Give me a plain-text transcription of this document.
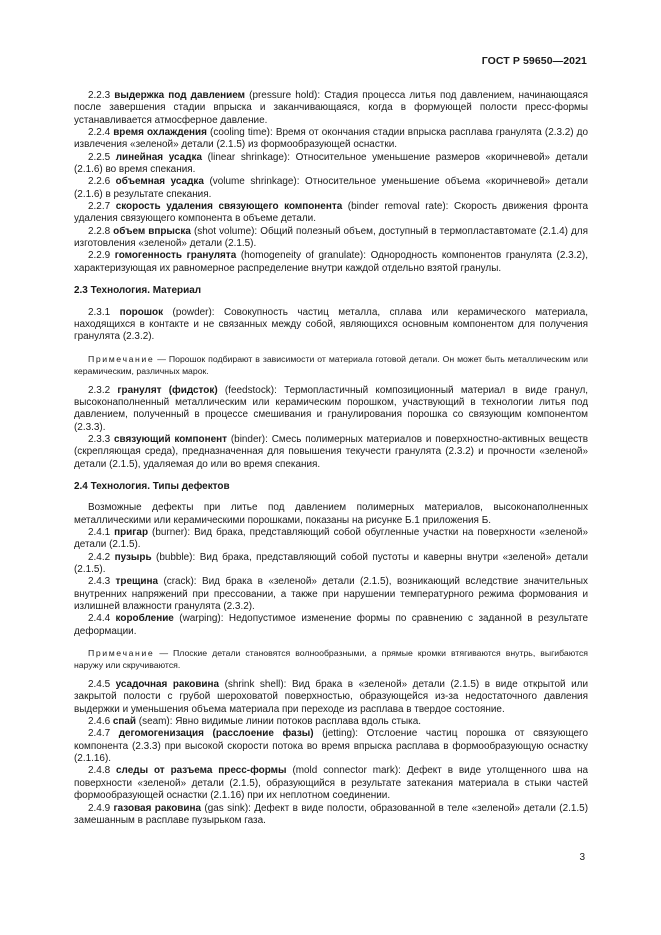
ГОСТ Р 59650—2021

2.2.3 выдержка под давлением (pressure hold): Стадия процесса литья под давлением, начинающаяся после завершения стадии впрыска и заканчивающаяся, когда в формующей полости пресс-формы устанавливается атмосферное давление.

2.2.4 время охлаждения (cooling time): Время от окончания стадии впрыска расплава гранулята (2.3.2) до извлечения «зеленой» детали (2.1.5) из формообразующей оснастки.

2.2.5 линейная усадка (linear shrinkage): Относительное уменьшение размеров «коричневой» детали (2.1.6) во время спекания.

2.2.6 объемная усадка (volume shrinkage): Относительное уменьшение объема «коричневой» детали (2.1.6) в результате спекания.

2.2.7 скорость удаления связующего компонента (binder removal rate): Скорость движения фронта удаления связующего компонента в объеме детали.

2.2.8 объем впрыска (shot volume): Общий полезный объем, доступный в термопластавтомате (2.1.4) для изготовления «зеленой» детали (2.1.5).

2.2.9 гомогенность гранулята (homogeneity of granulate): Однородность компонентов гранулята (2.3.2), характеризующая их равномерное распределение внутри каждой отдельно взятой гранулы.

2.3 Технология. Материал

2.3.1 порошок (powder): Совокупность частиц металла, сплава или керамического материала, находящихся в контакте и не связанных между собой, являющихся основным компонентом для получения гранулята (2.3.2).

Примечание — Порошок подбирают в зависимости от материала готовой детали. Он может быть металлическим или керамическим, различных марок.

2.3.2 гранулят (фидсток) (feedstock): Термопластичный композиционный материал в виде гранул, высоконаполненный металлическим или керамическим порошком, участвующий в технологии литья под давлением, полученный в процессе смешивания и гранулирования порошка со связующим компонентом (2.3.3).

2.3.3 связующий компонент (binder): Смесь полимерных материалов и поверхностно-активных веществ (скрепляющая среда), предназначенная для повышения текучести гранулята (2.3.2) и прочности «зеленой» детали (2.1.5), удаляемая до или во время спекания.

2.4 Технология. Типы дефектов

Возможные дефекты при литье под давлением полимерных материалов, высоконаполненных металлическими или керамическими порошками, показаны на рисунке Б.1 приложения Б.

2.4.1 пригар (burner): Вид брака, представляющий собой обугленные участки на поверхности «зеленой» детали (2.1.5).

2.4.2 пузырь (bubble): Вид брака, представляющий собой пустоты и каверны внутри «зеленой» детали (2.1.5).

2.4.3 трещина (crack): Вид брака в «зеленой» детали (2.1.5), возникающий вследствие значительных внутренних напряжений при прессовании, а также при нарушении температурного режима формования и излишней влажности гранулята (2.3.2).

2.4.4 коробление (warping): Недопустимое изменение формы по сравнению с заданной в результате деформации.

Примечание — Плоские детали становятся волнообразными, а прямые кромки втягиваются внутрь, выгибаются наружу или скручиваются.

2.4.5 усадочная раковина (shrink shell): Вид брака в «зеленой» детали (2.1.5) в виде открытой или закрытой полости с грубой шероховатой поверхностью, образующейся из-за недостаточного давления выдержки и уменьшения объема материала при переходе из расплава в твердое состояние.

2.4.6 спай (seam): Явно видимые линии потоков расплава вдоль стыка.

2.4.7 дегомогенизация (расслоение фазы) (jetting): Отслоение частиц порошка от связующего компонента (2.3.3) при высокой скорости потока во время впрыска расплава в формообразующую оснастку (2.1.16).

2.4.8 следы от разъема пресс-формы (mold connector mark): Дефект в виде утолщенного шва на поверхности «зеленой» детали (2.1.5), образующийся в результате затекания материала в стыки частей формообразующей оснастки (2.1.16) при их неплотном соединении.

2.4.9 газовая раковина (gas sink): Дефект в виде полости, образованной в теле «зеленой» детали (2.1.5) замешанным в расплаве пузырьком газа.

3
